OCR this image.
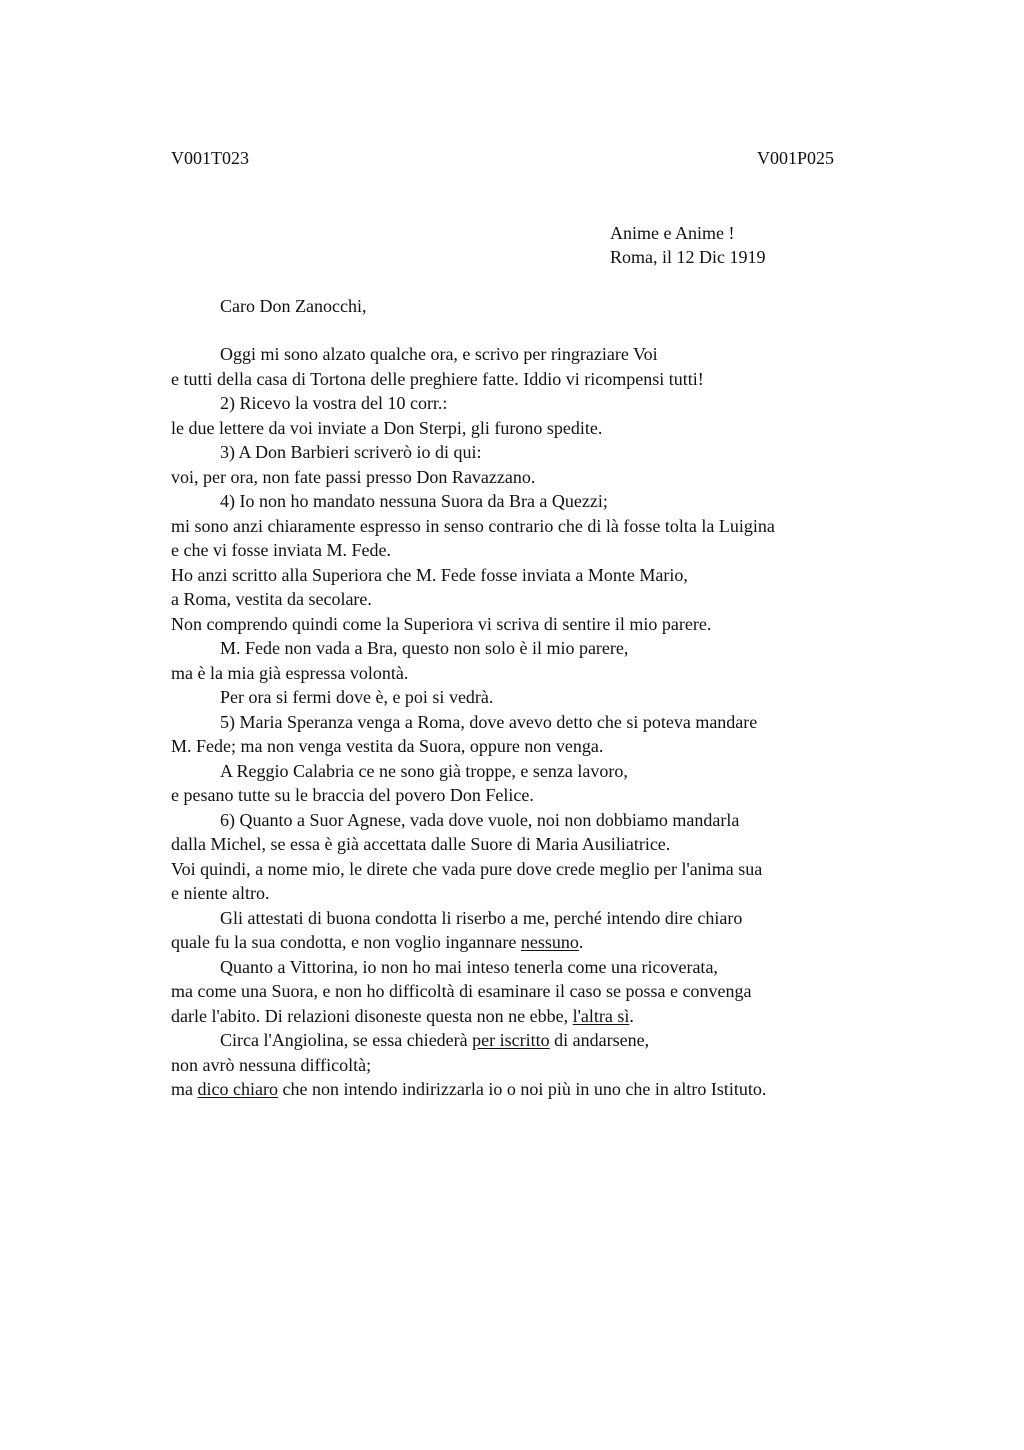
V001T023	V001P025
Anime e Anime !
Roma, il 12 Dic 1919
Caro Don Zanocchi,
Oggi mi sono alzato qualche ora, e scrivo per ringraziare Voi
e tutti della casa di Tortona delle preghiere fatte. Iddio vi ricompensi tutti!
2) Ricevo la vostra del 10 corr.:
le due lettere da voi inviate a Don Sterpi, gli furono spedite.
3) A Don Barbieri scriverò io di qui:
voi, per ora, non fate passi presso Don Ravazzano.
4) Io non ho mandato nessuna Suora da Bra a Quezzi;
mi sono anzi chiaramente espresso in senso contrario che di là fosse tolta la Luigina
e che vi fosse inviata M. Fede.
Ho anzi scritto alla Superiora che M. Fede fosse inviata a Monte Mario,
a Roma, vestita da secolare.
Non comprendo quindi come la Superiora vi scriva di sentire il mio parere.
M. Fede non vada a Bra, questo non solo è il mio parere,
ma è la mia già espressa volontà.
Per ora si fermi dove è, e poi si vedrà.
5) Maria Speranza venga a Roma, dove avevo detto che si poteva mandare
M. Fede; ma non venga vestita da Suora, oppure non venga.
A Reggio Calabria ce ne sono già troppe, e senza lavoro,
e pesano tutte su le braccia del povero Don Felice.
6) Quanto a Suor Agnese, vada dove vuole, noi non dobbiamo mandarla
dalla Michel, se essa è già accettata dalle Suore di Maria Ausiliatrice.
Voi quindi, a nome mio, le direte che vada pure dove crede meglio per l'anima sua
e niente altro.
Gli attestati di buona condotta li riserbo a me, perché intendo dire chiaro
quale fu la sua condotta, e non voglio ingannare nessuno.
Quanto a Vittorina, io non ho mai inteso tenerla come una ricoverata,
ma come una Suora, e non ho difficoltà di esaminare il caso se possa e convenga
darle l'abito. Di relazioni disoneste questa non ne ebbe, l'altra sì.
Circa l'Angiolina, se essa chiederà per iscritto di andarsene,
non avrò nessuna difficoltà;
ma dico chiaro che non intendo indirizzarla io o noi più in uno che in altro Istituto.
